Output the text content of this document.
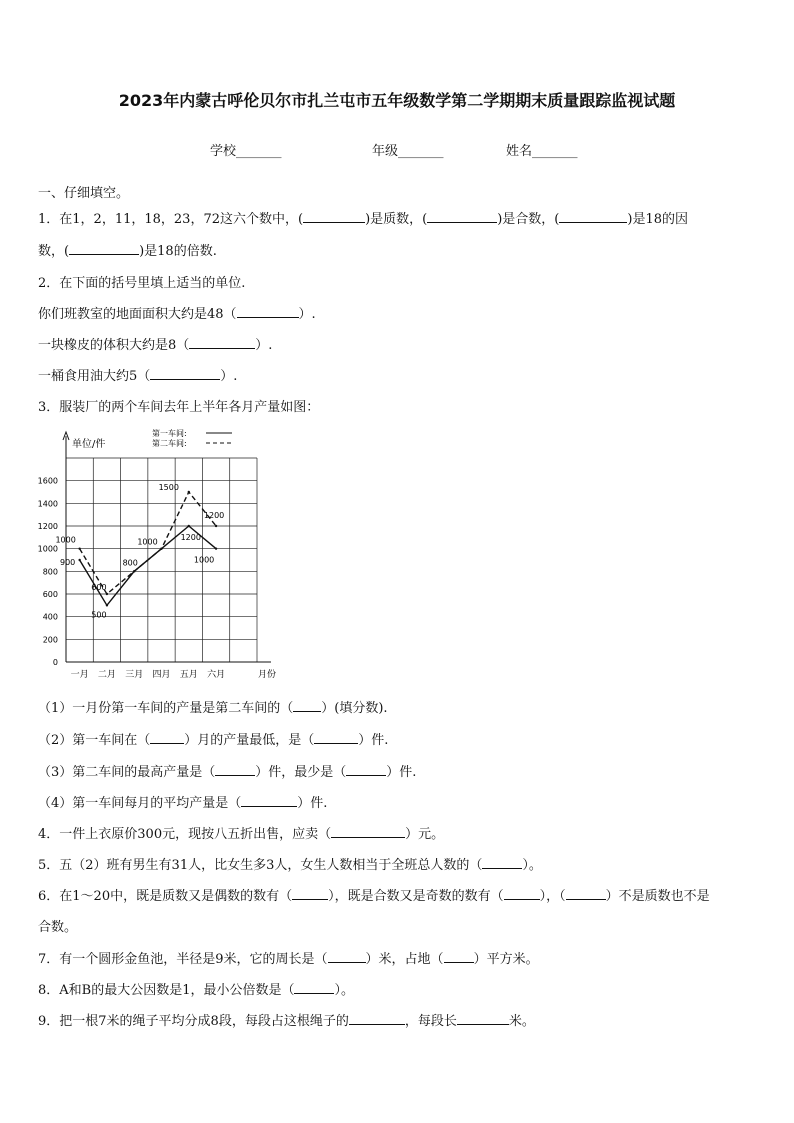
2023年内蒙古呼伦贝尔市扎兰屯市五年级数学第二学期期末质量跟踪监视试题
学校_______	年级_______	姓名_______
一、仔细填空。
1．在1，2，11，18，23，72这六个数中，(	)是质数，(	)是合数，(	)是18的因
数，(	)是18的倍数.
2．在下面的括号里填上适当的单位.
你们班教室的地面面积大约是48（	）.
一块橡皮的体积大约是8（	）.
一桶食用油大约5（	）.
3．服装厂的两个车间去年上半年各月产量如图：
单位/件
0
200
400
600
800
1000
1200
1400
1600
一月 二月 三月 四月 五月 六月	月份
900
500
800
1000
1200
1000
1000
600
1500
1200
第一车间:
第二车间:
（1）一月份第一车间的产量是第二车间的（ ）(填分数).
（2）第一车间在（	）月的产量最低，是（	）件.
（3）第二车间的最高产量是（	）件，最少是（	）件.
（4）第一车间每月的平均产量是（	）件.
4．一件上衣原价300元，现按八五折出售，应卖（	）元。
5．五（2）班有男生有31人，比女生多3人，女生人数相当于全班总人数的（	）。
6．在1～20中，既是质数又是偶数的数有（	），既是合数又是奇数的数有（	），（	）不是质数也不是
合数。
7．有一个圆形金鱼池，半径是9米，它的周长是（	）米，占地（ ）平方米。
8．A和B的最大公因数是1，最小公倍数是（	）。
9．把一根7米的绳子平均分成8段，每段占这根绳子的	，每段长	米。
